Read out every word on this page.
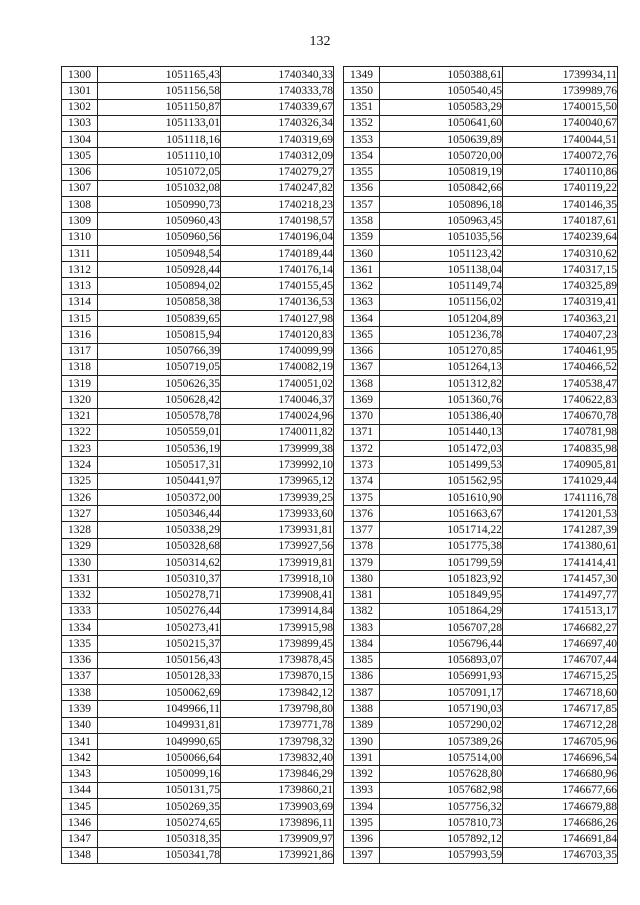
132
1300	1051165,43	1740340,33
1301	1051156,58	1740333,78
1302	1051150,87	1740339,67
1303	1051133,01	1740326,34
1304	1051118,16	1740319,69
1305	1051110,10	1740312,09
1306	1051072,05	1740279,27
1307	1051032,08	1740247,82
1308	1050990,73	1740218,23
1309	1050960,43	1740198,57
1310	1050960,56	1740196,04
1311	1050948,54	1740189,44
1312	1050928,44	1740176,14
1313	1050894,02	1740155,45
1314	1050858,38	1740136,53
1315	1050839,65	1740127,98
1316	1050815,94	1740120,83
1317	1050766,39	1740099,99
1318	1050719,05	1740082,19
1319	1050626,35	1740051,02
1320	1050628,42	1740046,37
1321	1050578,78	1740024,96
1322	1050559,01	1740011,82
1323	1050536,19	1739999,38
1324	1050517,31	1739992,10
1325	1050441,97	1739965,12
1326	1050372,00	1739939,25
1327	1050346,44	1739933,60
1328	1050338,29	1739931,81
1329	1050328,68	1739927,56
1330	1050314,62	1739919,81
1331	1050310,37	1739918,10
1332	1050278,71	1739908,41
1333	1050276,44	1739914,84
1334	1050273,41	1739915,98
1335	1050215,37	1739899,45
1336	1050156,43	1739878,45
1337	1050128,33	1739870,15
1338	1050062,69	1739842,12
1339	1049966,11	1739798,80
1340	1049931,81	1739771,78
1341	1049990,65	1739798,32
1342	1050066,64	1739832,40
1343	1050099,16	1739846,29
1344	1050131,75	1739860,21
1345	1050269,35	1739903,69
1346	1050274,65	1739896,11
1347	1050318,35	1739909,97
1348	1050341,78	1739921,86
1349	1050388,61	1739934,11
1350	1050540,45	1739989,76
1351	1050583,29	1740015,50
1352	1050641,60	1740040,67
1353	1050639,89	1740044,51
1354	1050720,00	1740072,76
1355	1050819,19	1740110,86
1356	1050842,66	1740119,22
1357	1050896,18	1740146,35
1358	1050963,45	1740187,61
1359	1051035,56	1740239,64
1360	1051123,42	1740310,62
1361	1051138,04	1740317,15
1362	1051149,74	1740325,89
1363	1051156,02	1740319,41
1364	1051204,89	1740363,21
1365	1051236,78	1740407,23
1366	1051270,85	1740461,95
1367	1051264,13	1740466,52
1368	1051312,82	1740538,47
1369	1051360,76	1740622,83
1370	1051386,40	1740670,78
1371	1051440,13	1740781,98
1372	1051472,03	1740835,98
1373	1051499,53	1740905,81
1374	1051562,95	1741029,44
1375	1051610,90	1741116,78
1376	1051663,67	1741201,53
1377	1051714,22	1741287,39
1378	1051775,38	1741380,61
1379	1051799,59	1741414,41
1380	1051823,92	1741457,30
1381	1051849,95	1741497,77
1382	1051864,29	1741513,17
1383	1056707,28	1746682,27
1384	1056796,44	1746697,40
1385	1056893,07	1746707,44
1386	1056991,93	1746715,25
1387	1057091,17	1746718,60
1388	1057190,03	1746717,85
1389	1057290,02	1746712,28
1390	1057389,26	1746705,96
1391	1057514,00	1746696,54
1392	1057628,80	1746680,96
1393	1057682,98	1746677,66
1394	1057756,32	1746679,88
1395	1057810,73	1746686,26
1396	1057892,12	1746691,84
1397	1057993,59	1746703,35
